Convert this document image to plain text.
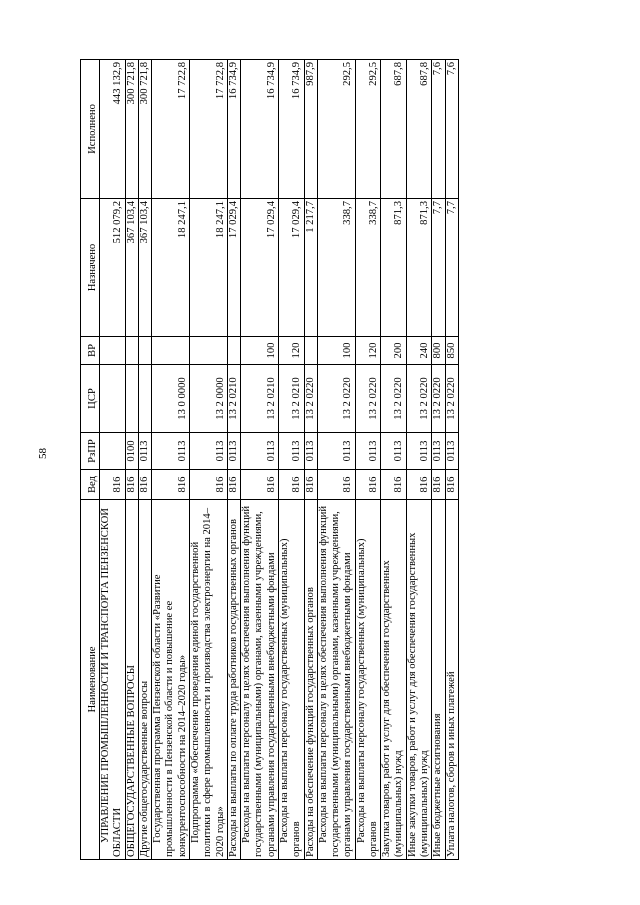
58
Наименование	Вед	РзПР	ЦСР	ВР	Назначено	Исполнено
УПРАВЛЕНИЕ ПРОМЫШЛЕННОСТИ И ТРАНСПОРТА ПЕНЗЕНСКОЙ ОБЛАСТИ	816				512 079,2	443 132,9
ОБЩЕГОСУДАРСТВЕННЫЕ ВОПРОСЫ	816	0100			367 103,4	300 721,8
Другие общегосударственные вопросы	816	0113			367 103,4	300 721,8
Государственная программа Пензенской области «Развитие промышленности в Пензенской области и повышение ее конкурентоспособности на 2014–2020 годы»	816	0113	13 0 0000		18 247,1	17 722,8
Подпрограмма «Обеспечение проведения единой государственной политики в сфере промышленности и производства электроэнергии на 2014–2020 годы»	816	0113	13 2 0000		18 247,1	17 722,8
Расходы на выплаты по оплате труда работников государственных органов	816	0113	13 2 0210		17 029,4	16 734,9
Расходы на выплаты персоналу в целях обеспечения выполнения функций государственными (муниципальными) органами, казенными учреждениями, органами управления государственными внебюджетными фондами	816	0113	13 2 0210	100	17 029,4	16 734,9
Расходы на выплаты персоналу государственных (муниципальных) органов	816	0113	13 2 0210	120	17 029,4	16 734,9
Расходы на обеспечение функций государственных органов	816	0113	13 2 0220		1 217,7	987,9
Расходы на выплаты персоналу в целях обеспечения выполнения функций государственными (муниципальными) органами, казенными учреждениями, органами управления государственными внебюджетными фондами	816	0113	13 2 0220	100	338,7	292,5
Расходы на выплаты персоналу государственных (муниципальных) органов	816	0113	13 2 0220	120	338,7	292,5
Закупка товаров, работ и услуг для обеспечения государственных (муниципальных) нужд	816	0113	13 2 0220	200	871,3	687,8
Иные закупки товаров, работ и услуг для обеспечения государственных (муниципальных) нужд	816	0113	13 2 0220	240	871,3	687,8
Иные бюджетные ассигнования	816	0113	13 2 0220	800	7,7	7,6
Уплата налогов, сборов и иных платежей	816	0113	13 2 0220	850	7,7	7,6
